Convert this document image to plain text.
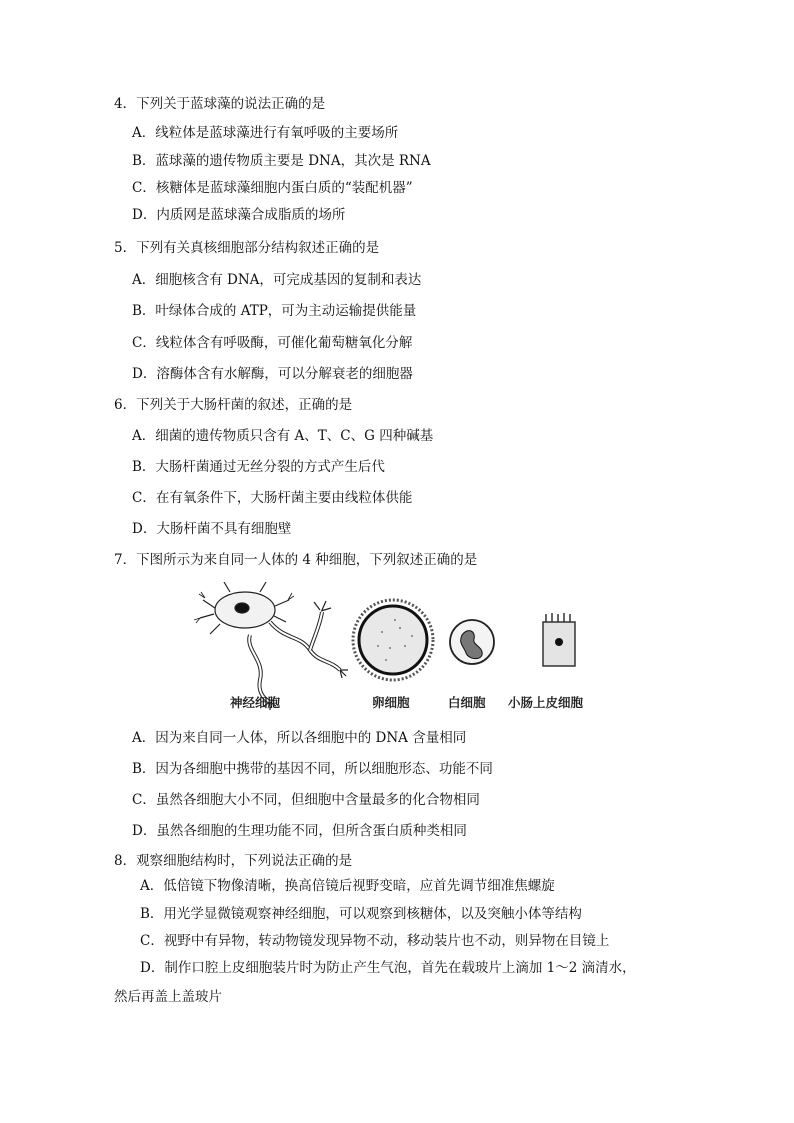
4．下列关于蓝球藻的说法正确的是
A．线粒体是蓝球藻进行有氧呼吸的主要场所
B．蓝球藻的遗传物质主要是 DNA，其次是 RNA
C．核糖体是蓝球藻细胞内蛋白质的“装配机器”
D．内质网是蓝球藻合成脂质的场所
5．下列有关真核细胞部分结构叙述正确的是
A．细胞核含有 DNA，可完成基因的复制和表达
B．叶绿体合成的 ATP，可为主动运输提供能量
C．线粒体含有呼吸酶，可催化葡萄糖氧化分解
D．溶酶体含有水解酶，可以分解衰老的细胞器
6．下列关于大肠杆菌的叙述，正确的是
A．细菌的遗传物质只含有 A、T、C、G 四种碱基
B．大肠杆菌通过无丝分裂的方式产生后代
C．在有氧条件下，大肠杆菌主要由线粒体供能
D．大肠杆菌不具有细胞壁
7．下图所示为来自同一人体的 4 种细胞，下列叙述正确的是
神经细胞	卵细胞	白细胞 小肠上皮细胞
A．因为来自同一人体，所以各细胞中的 DNA 含量相同
B．因为各细胞中携带的基因不同，所以细胞形态、功能不同
C．虽然各细胞大小不同，但细胞中含量最多的化合物相同
D．虽然各细胞的生理功能不同，但所含蛋白质种类相同
8．观察细胞结构时，下列说法正确的是
A．低倍镜下物像清晰，换高倍镜后视野变暗，应首先调节细准焦螺旋
B．用光学显微镜观察神经细胞，可以观察到核糖体，以及突触小体等结构
C．视野中有异物，转动物镜发现异物不动，移动装片也不动，则异物在目镜上
D．制作口腔上皮细胞装片时为防止产生气泡，首先在载玻片上滴加 1～2 滴清水，
然后再盖上盖玻片
